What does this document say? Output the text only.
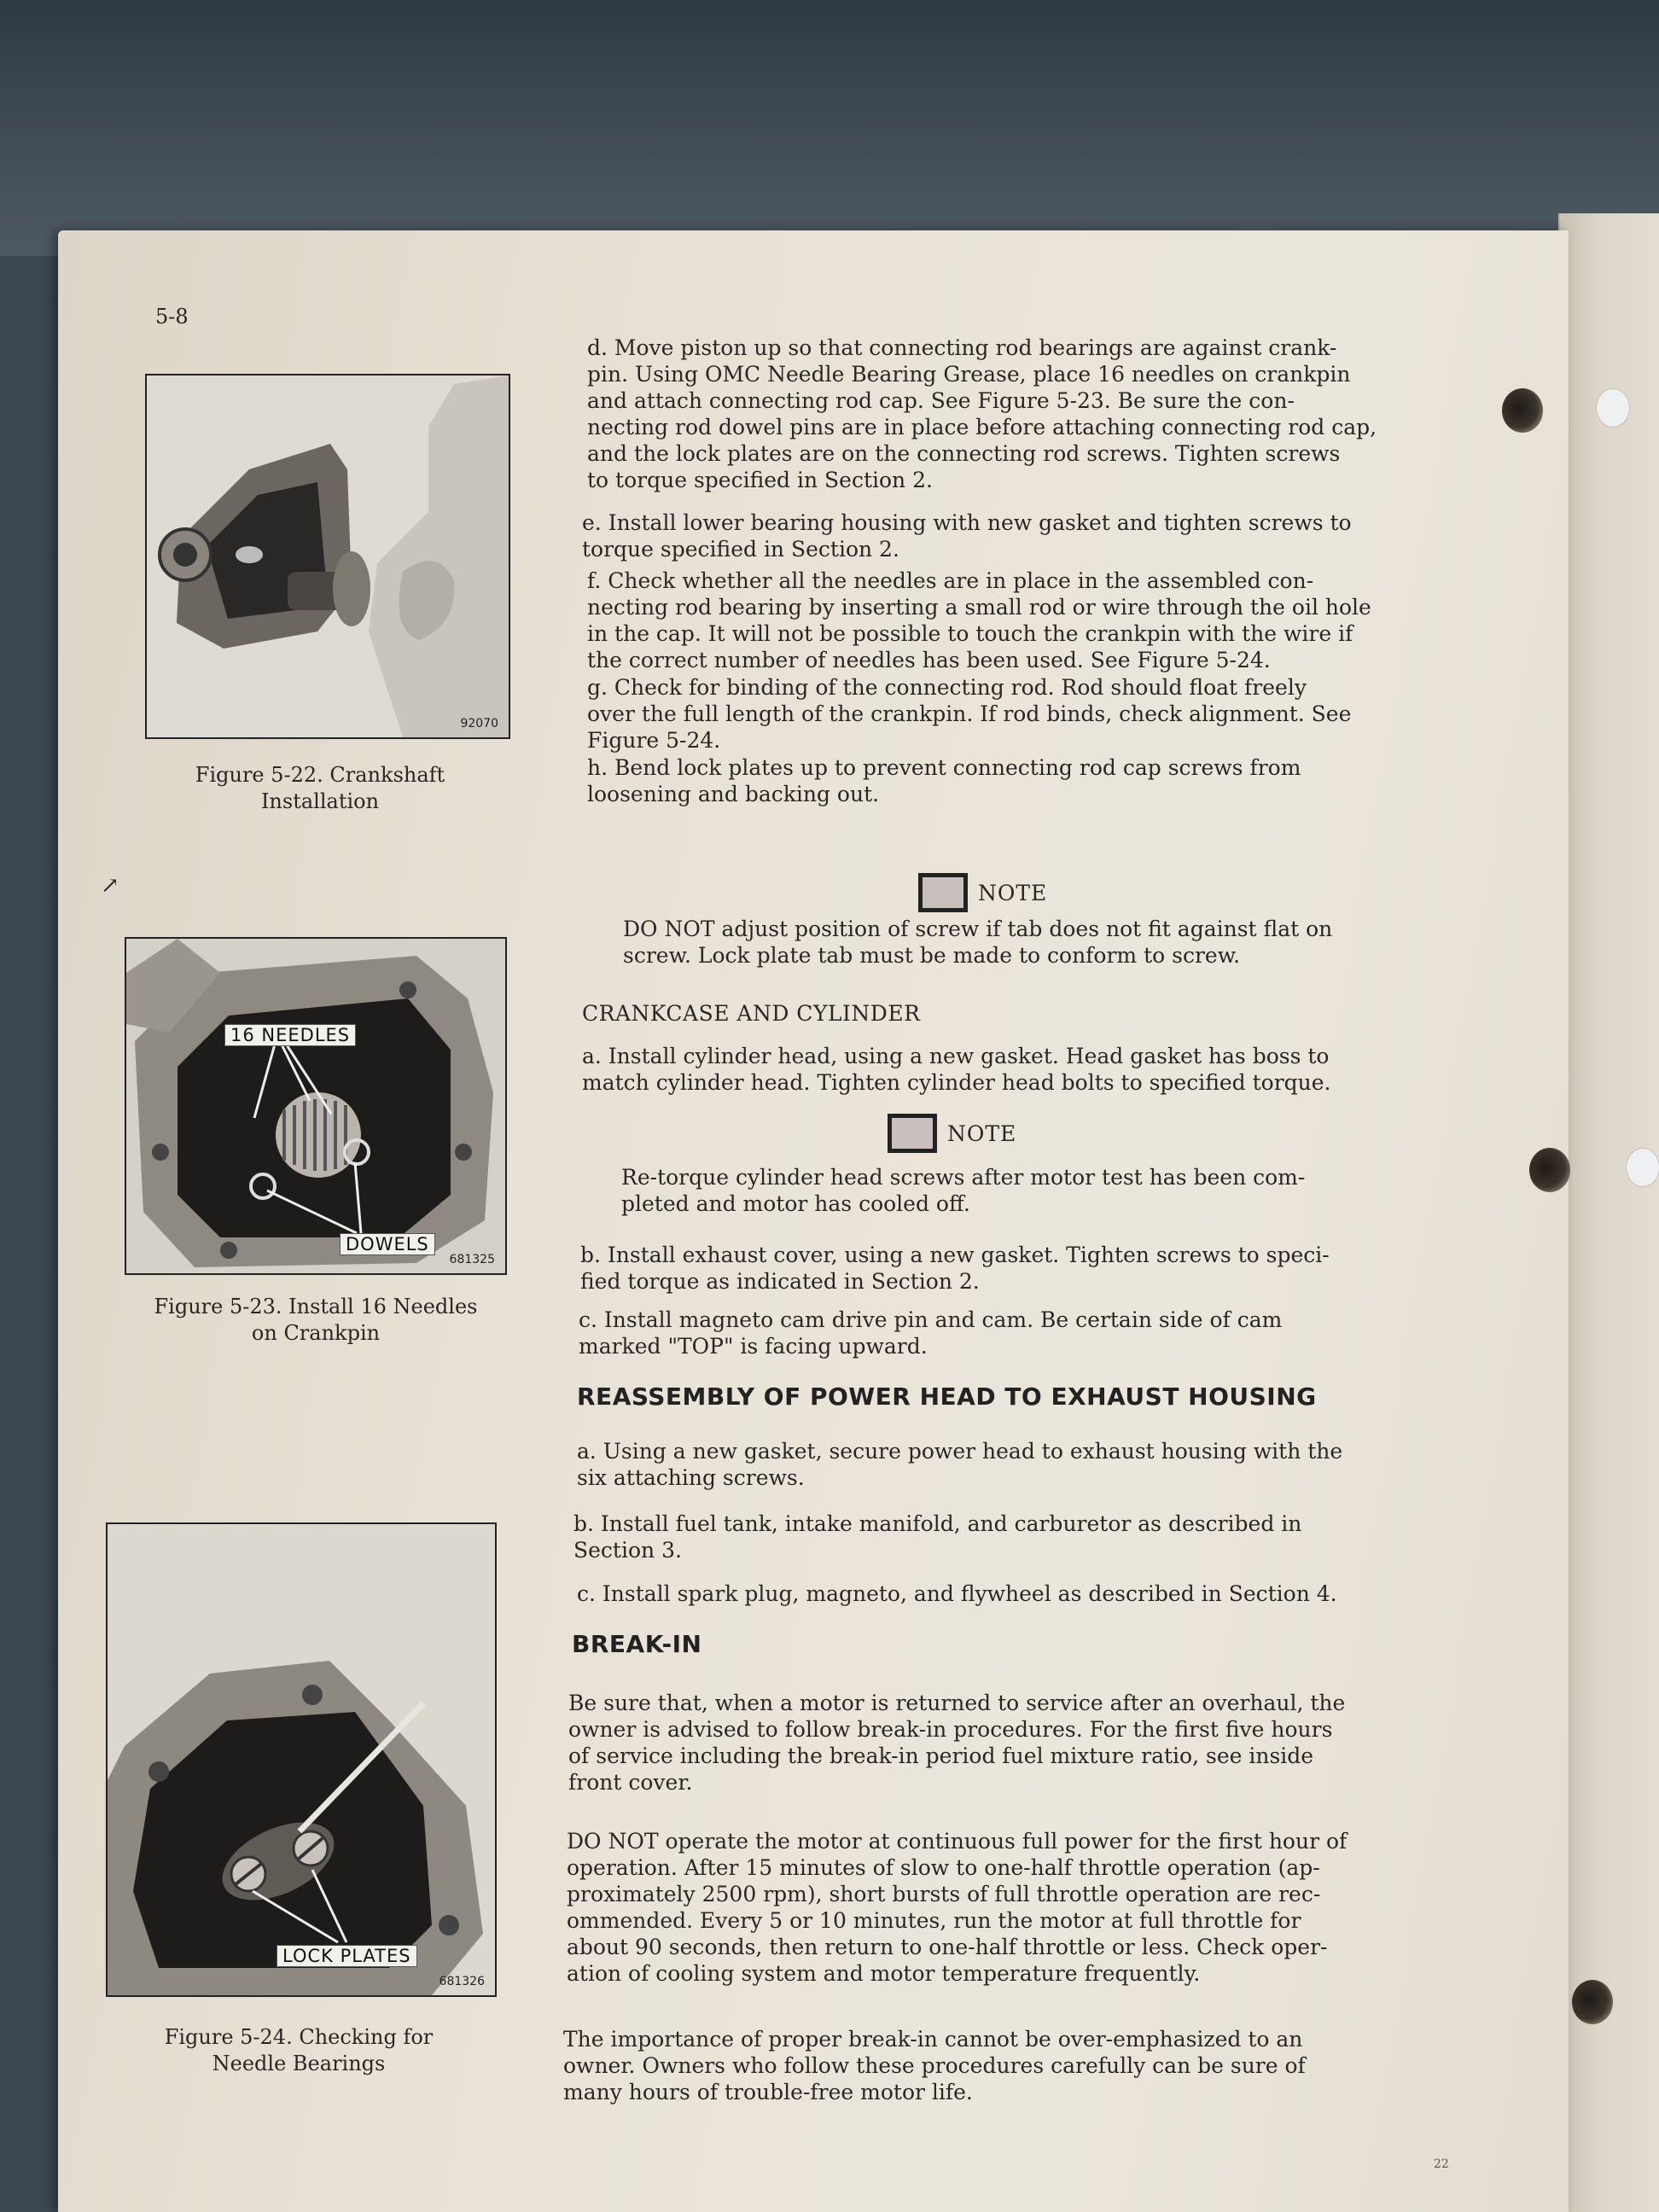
5-8
92070
Figure 5-22. Crankshaft
Installation
↗
16 NEEDLES
DOWELS
681325
Figure 5-23. Install 16 Needles
on Crankpin
LOCK PLATES
681326
Figure 5-24. Checking for
Needle Bearings
d. Move piston up so that connecting rod bearings are against crank-
pin. Using OMC Needle Bearing Grease, place 16 needles on crankpin
and attach connecting rod cap. See Figure 5-23. Be sure the con-
necting rod dowel pins are in place before attaching connecting rod cap,
and the lock plates are on the connecting rod screws. Tighten screws
to torque specified in Section 2.
e. Install lower bearing housing with new gasket and tighten screws to
torque specified in Section 2.
f. Check whether all the needles are in place in the assembled con-
necting rod bearing by inserting a small rod or wire through the oil hole
in the cap. It will not be possible to touch the crankpin with the wire if
the correct number of needles has been used. See Figure 5-24.
g. Check for binding of the connecting rod. Rod should float freely
over the full length of the crankpin. If rod binds, check alignment. See
Figure 5-24.
h. Bend lock plates up to prevent connecting rod cap screws from
loosening and backing out.
NOTE
DO NOT adjust position of screw if tab does not fit against flat on
screw. Lock plate tab must be made to conform to screw.
CRANKCASE AND CYLINDER
a. Install cylinder head, using a new gasket. Head gasket has boss to
match cylinder head. Tighten cylinder head bolts to specified torque.
NOTE
Re-torque cylinder head screws after motor test has been com-
pleted and motor has cooled off.
b. Install exhaust cover, using a new gasket. Tighten screws to speci-
fied torque as indicated in Section 2.
c. Install magneto cam drive pin and cam. Be certain side of cam
marked "TOP" is facing upward.
REASSEMBLY OF POWER HEAD TO EXHAUST HOUSING
a. Using a new gasket, secure power head to exhaust housing with the
six attaching screws.
b. Install fuel tank, intake manifold, and carburetor as described in
Section 3.
c. Install spark plug, magneto, and flywheel as described in Section 4.
BREAK-IN
Be sure that, when a motor is returned to service after an overhaul, the
owner is advised to follow break-in procedures. For the first five hours
of service including the break-in period fuel mixture ratio, see inside
front cover.
DO NOT operate the motor at continuous full power for the first hour of
operation. After 15 minutes of slow to one-half throttle operation (ap-
proximately 2500 rpm), short bursts of full throttle operation are rec-
ommended. Every 5 or 10 minutes, run the motor at full throttle for
about 90 seconds, then return to one-half throttle or less. Check oper-
ation of cooling system and motor temperature frequently.
The importance of proper break-in cannot be over-emphasized to an
owner. Owners who follow these procedures carefully can be sure of
many hours of trouble-free motor life.
22
